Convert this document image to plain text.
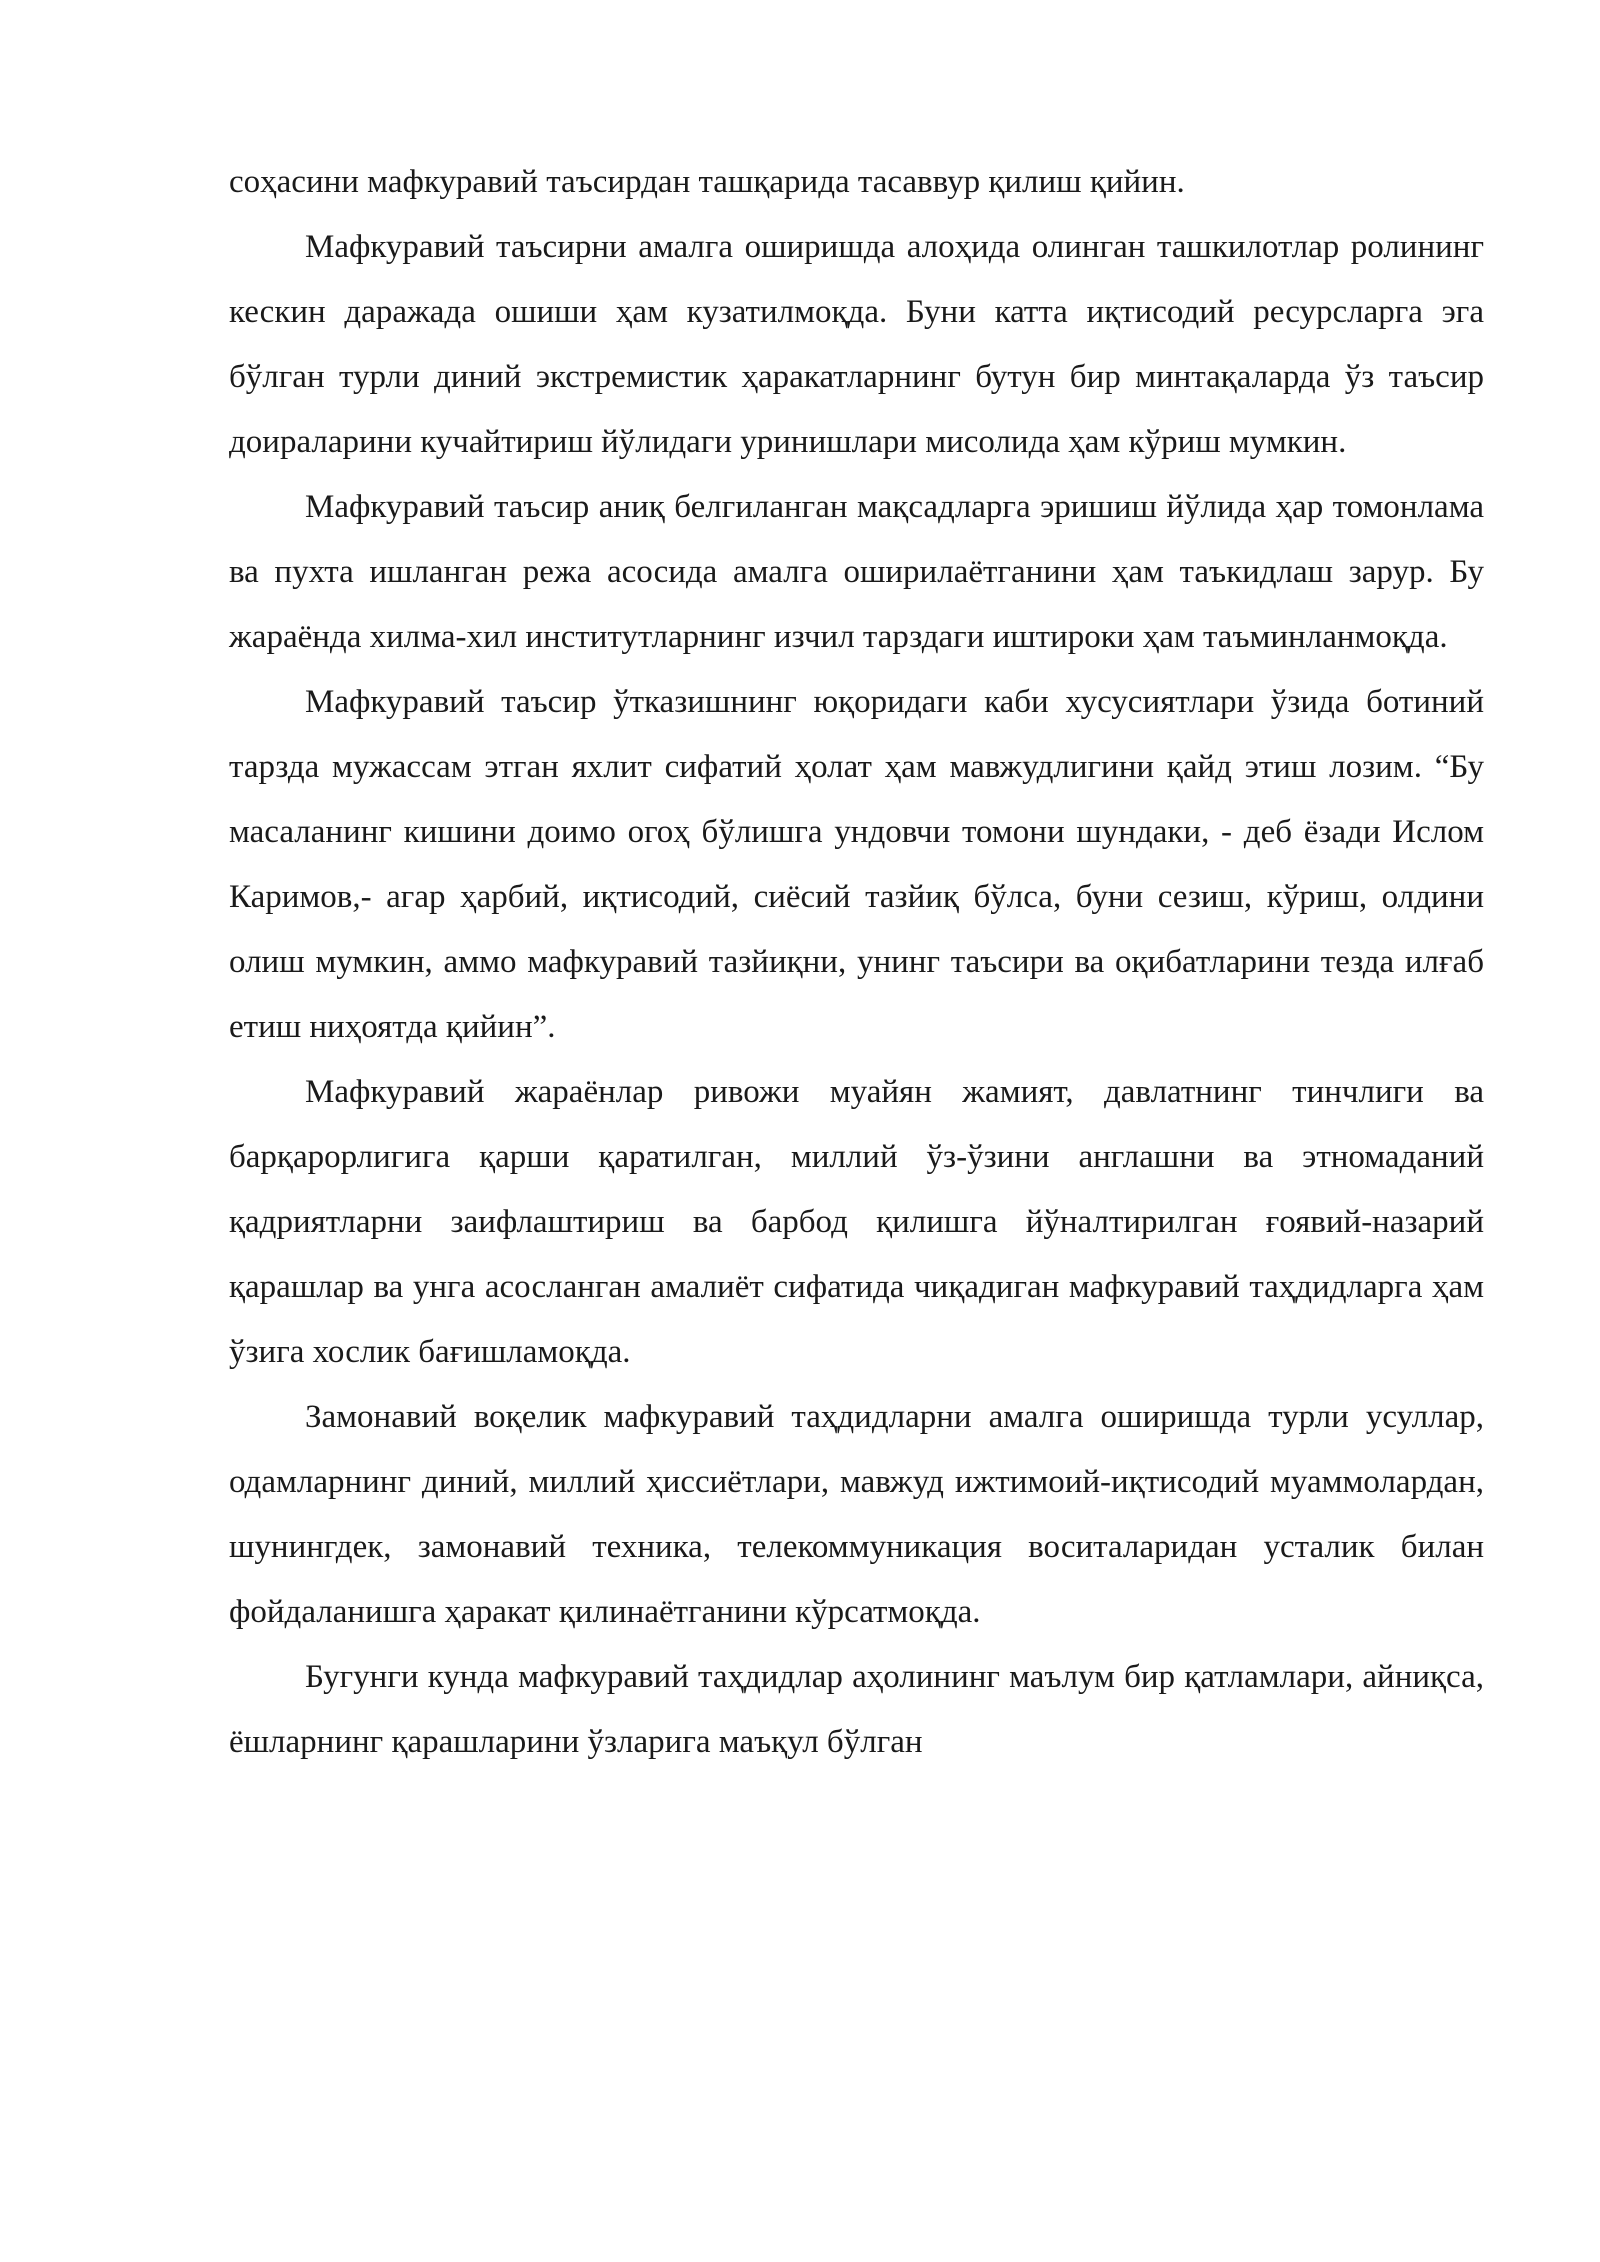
соҳасини мафкуравий таъсирдан ташқарида тасаввур қилиш қийин.

Мафкуравий таъсирни амалга оширишда алоҳида олинган ташкилотлар ролининг кескин даражада ошиши ҳам кузатилмоқда. Буни катта иқтисодий ресурсларга эга бўлган турли диний экстремистик ҳаракатларнинг бутун бир минтақаларда ўз таъсир доираларини кучайтириш йўлидаги уринишлари мисолида ҳам кўриш мумкин.

Мафкуравий таъсир аниқ белгиланган мақсадларга эришиш йўлида ҳар томонлама ва пухта ишланган режа асосида амалга оширилаётганини ҳам таъкидлаш зарур. Бу жараёнда хилма-хил институтларнинг изчил тарздаги иштироки ҳам таъминланмоқда.

Мафкуравий таъсир ўтказишнинг юқоридаги каби хусусиятлари ўзида ботиний тарзда мужассам этган яхлит сифатий ҳолат ҳам мавжудлигини қайд этиш лозим. “Бу масаланинг кишини доимо огоҳ бўлишга ундовчи томони шундаки, - деб ёзади Ислом Каримов,- агар ҳарбий, иқтисодий, сиёсий тазйиқ бўлса, буни сезиш, кўриш, олдини олиш мумкин, аммо мафкуравий тазйиқни, унинг таъсири ва оқибатларини тезда илғаб етиш ниҳоятда қийин”.

Мафкуравий жараёнлар ривожи муайян жамият, давлатнинг тинчлиги ва барқарорлигига қарши қаратилган, миллий ўз-ўзини англашни ва этномаданий қадриятларни заифлаштириш ва барбод қилишга йўналтирилган ғоявий-назарий қарашлар ва унга асосланган амалиёт сифатида чиқадиган мафкуравий таҳдидларга ҳам ўзига хослик бағишламоқда.

Замонавий воқелик мафкуравий таҳдидларни амалга оширишда турли усуллар, одамларнинг диний, миллий ҳиссиётлари, мавжуд ижтимоий-иқтисодий муаммолардан, шунингдек, замонавий техника, телекоммуникация воситаларидан усталик билан фойдаланишга ҳаракат қилинаётганини кўрсатмоқда.

Бугунги кунда мафкуравий таҳдидлар аҳолининг маълум бир қатламлари, айниқса, ёшларнинг қарашларини ўзларига маъқул бўлган
